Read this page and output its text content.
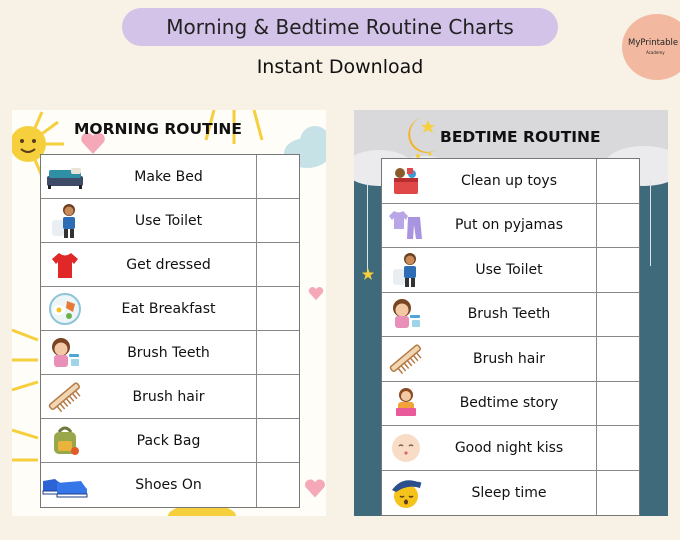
Morning & Bedtime Routine Charts
Instant Download
MyPrintable
Academy
MORNING ROUTINE
Make Bed
Use Toilet
Get dressed
Eat Breakfast
Brush Teeth
Brush hair
Pack Bag
Shoes On
BEDTIME ROUTINE
Clean up toys
Put on pyjamas
Use Toilet
Brush Teeth
Brush hair
Bedtime story
Good night kiss
Sleep time
